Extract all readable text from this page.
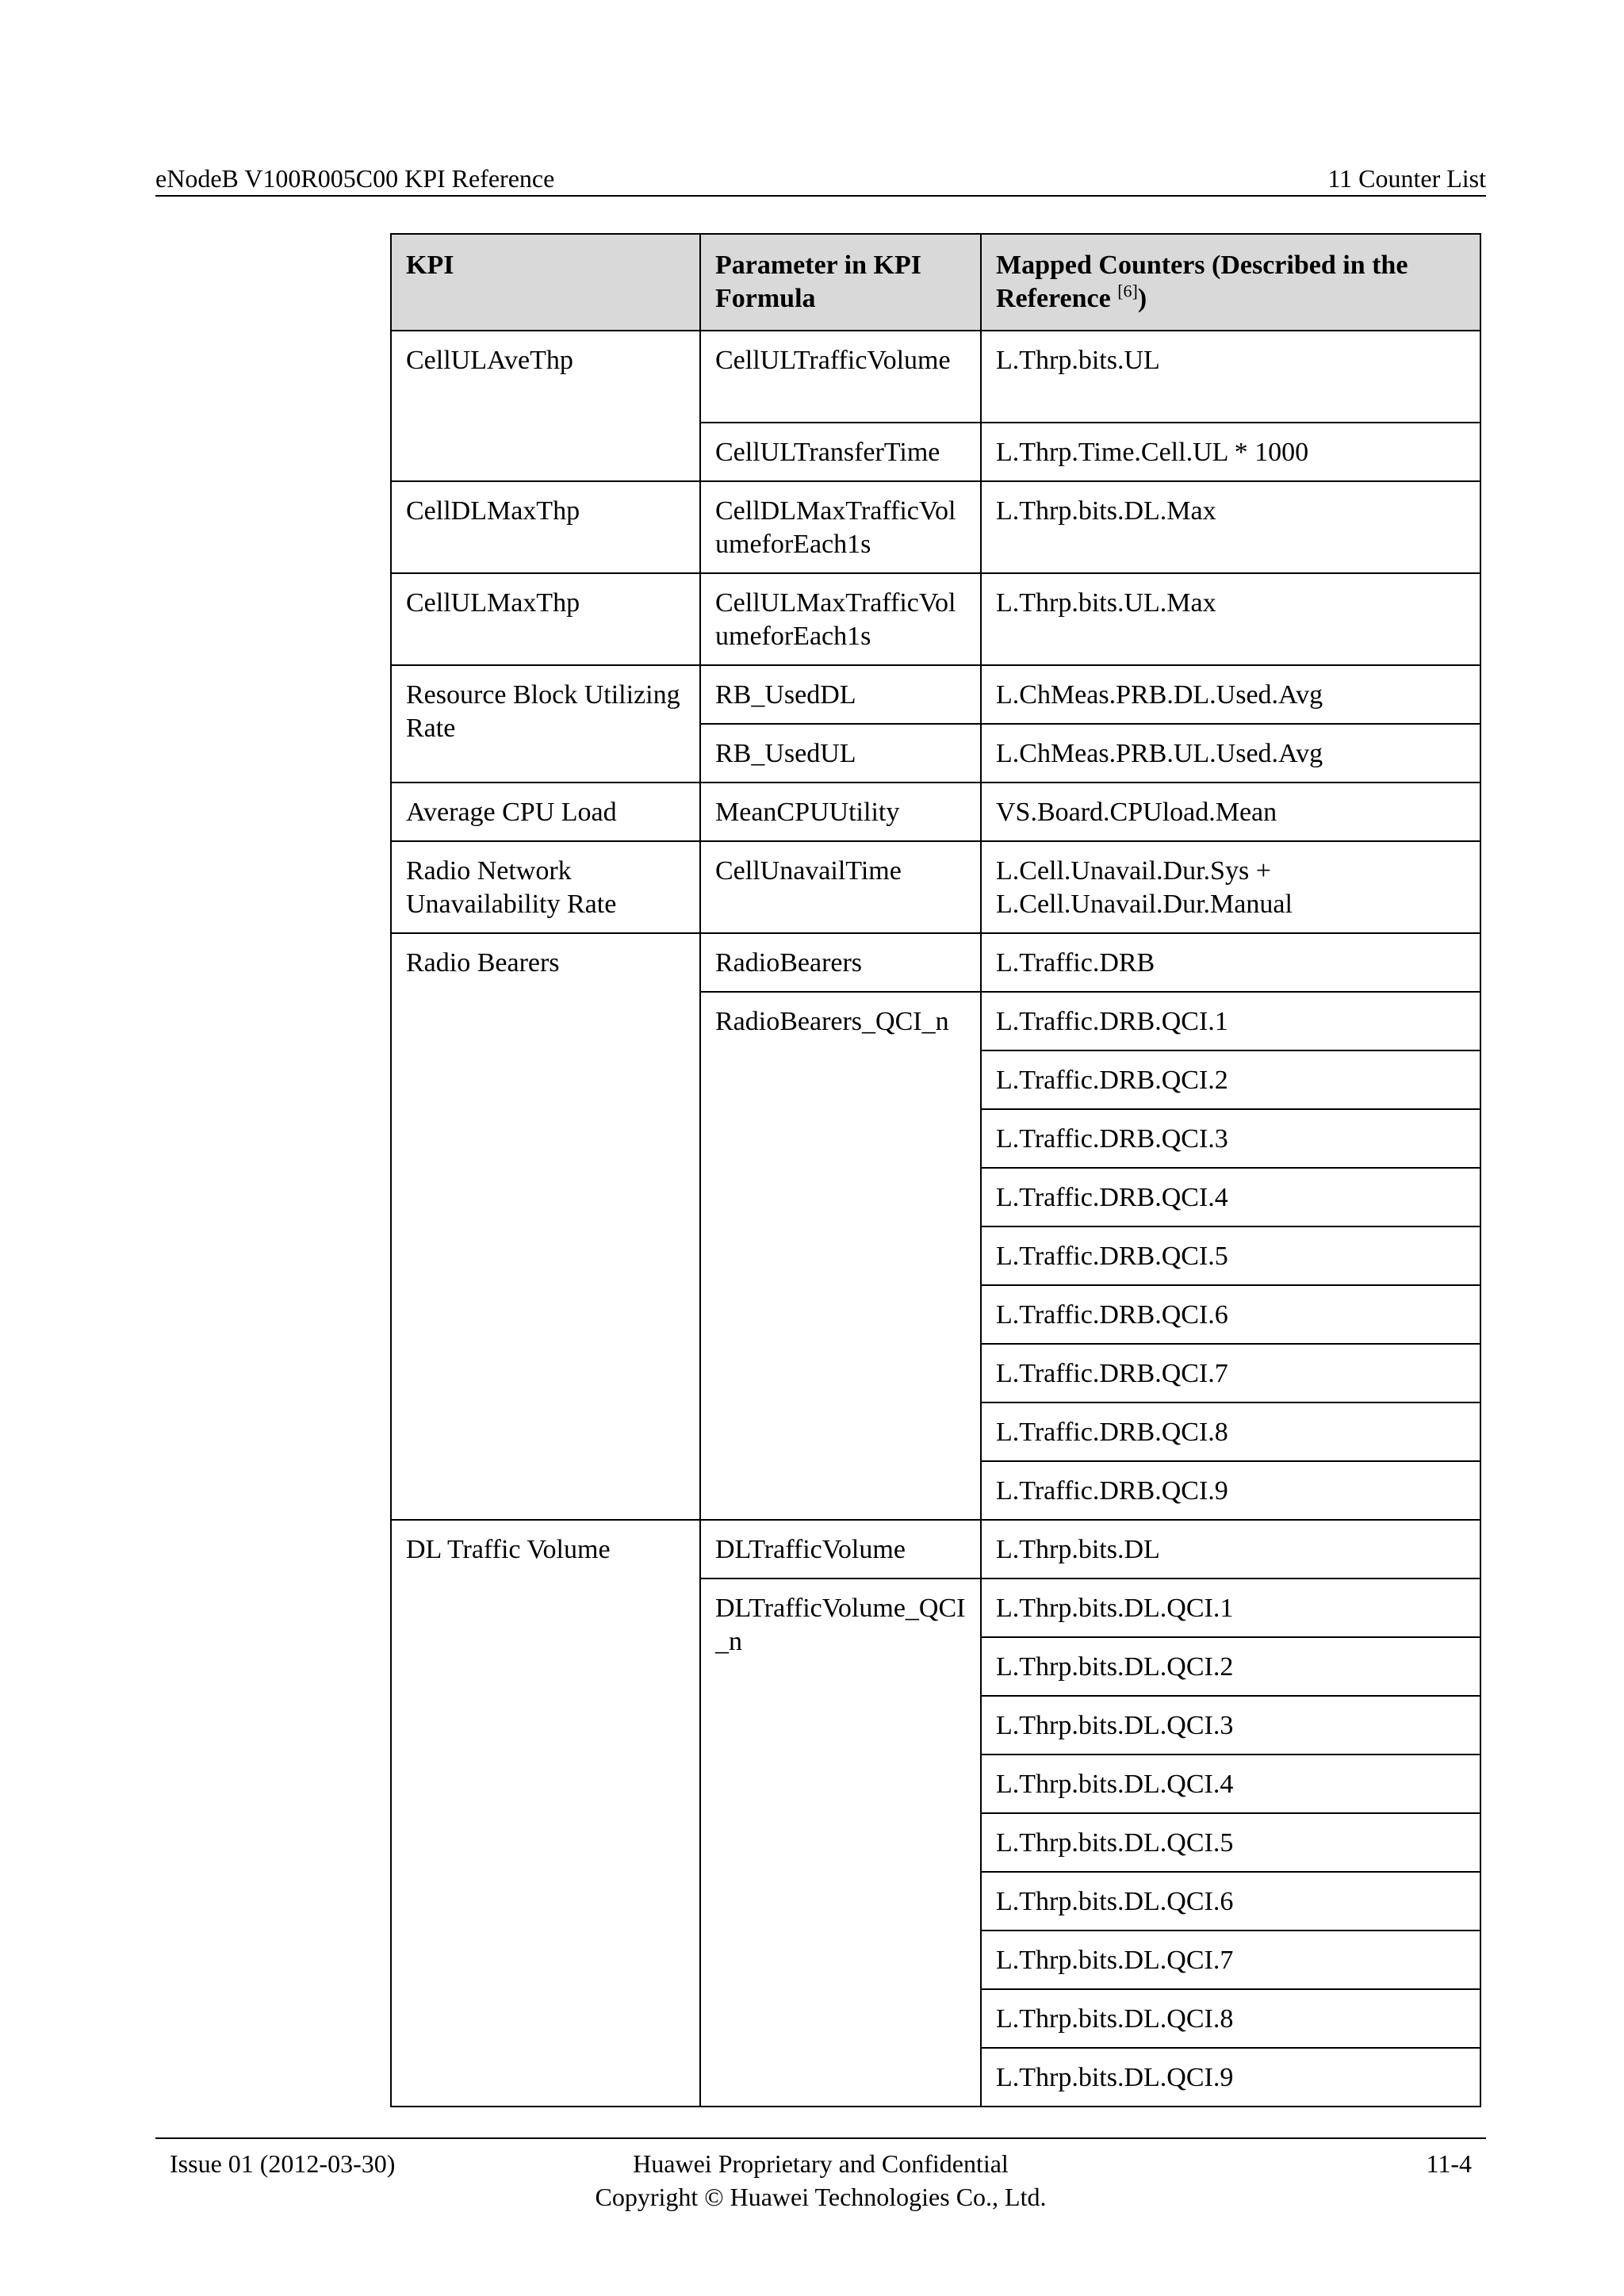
eNodeB V100R005C00 KPI Reference	11 Counter List
KPI	Parameter in KPI Formula	Mapped Counters (Described in the Reference [6])
CellULAveThp	CellULTrafficVolume	L.Thrp.bits.UL
	CellULTransferTime	L.Thrp.Time.Cell.UL * 1000
CellDLMaxThp	CellDLMaxTrafficVolumeforEach1s	L.Thrp.bits.DL.Max
CellULMaxThp	CellULMaxTrafficVolumeforEach1s	L.Thrp.bits.UL.Max
Resource Block Utilizing Rate	RB_UsedDL	L.ChMeas.PRB.DL.Used.Avg
	RB_UsedUL	L.ChMeas.PRB.UL.Used.Avg
Average CPU Load	MeanCPUUtility	VS.Board.CPUload.Mean
Radio Network Unavailability Rate	CellUnavailTime	L.Cell.Unavail.Dur.Sys +
L.Cell.Unavail.Dur.Manual

Radio Bearers	RadioBearers	L.Traffic.DRB
	RadioBearers_QCI_n	L.Traffic.DRB.QCI.1
		L.Traffic.DRB.QCI.2
		L.Traffic.DRB.QCI.3
		L.Traffic.DRB.QCI.4
		L.Traffic.DRB.QCI.5
		L.Traffic.DRB.QCI.6
		L.Traffic.DRB.QCI.7
		L.Traffic.DRB.QCI.8
		L.Traffic.DRB.QCI.9
DL Traffic Volume	DLTrafficVolume	L.Thrp.bits.DL
	DLTrafficVolume_QCI_n	L.Thrp.bits.DL.QCI.1
		L.Thrp.bits.DL.QCI.2
		L.Thrp.bits.DL.QCI.3
		L.Thrp.bits.DL.QCI.4
		L.Thrp.bits.DL.QCI.5
		L.Thrp.bits.DL.QCI.6
		L.Thrp.bits.DL.QCI.7
		L.Thrp.bits.DL.QCI.8
		L.Thrp.bits.DL.QCI.9
Issue 01 (2012-03-30)	Huawei Proprietary and Confidential
Copyright © Huawei Technologies Co., Ltd.
11-4
